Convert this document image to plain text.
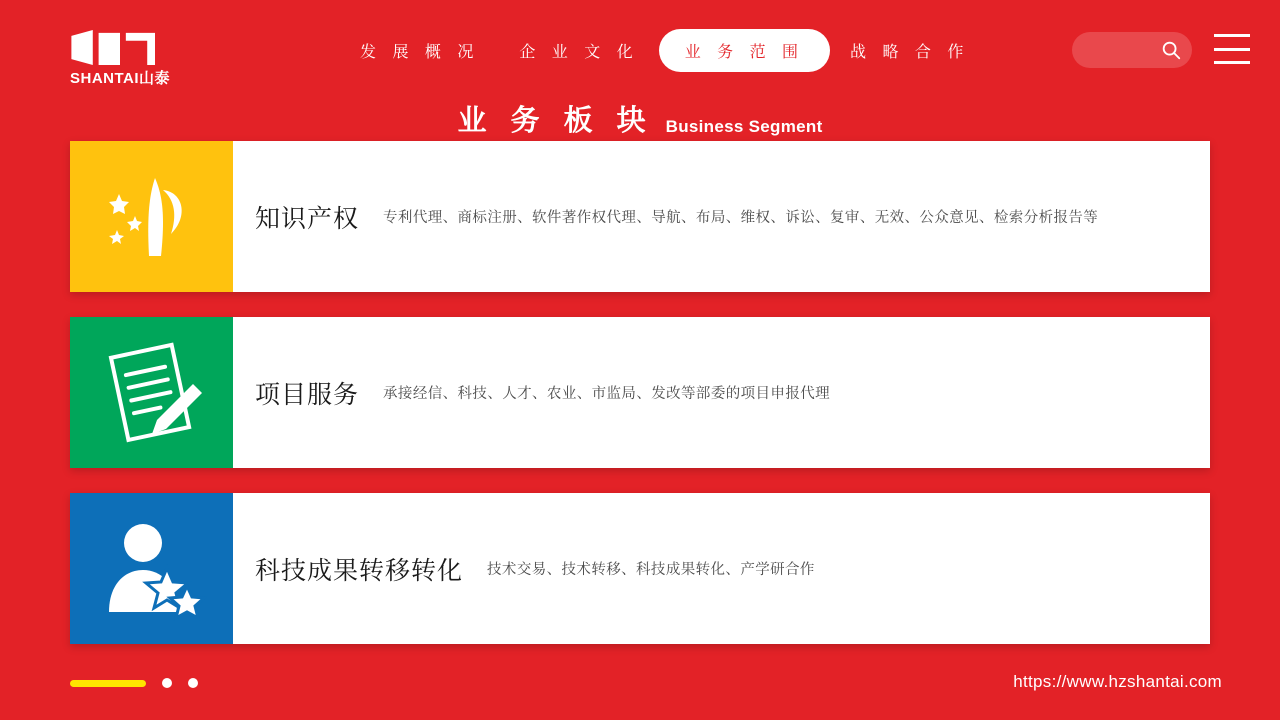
SHANTAI山泰
发 展 概 况	企 业 文 化	业 务 范 围	战 略 合 作
业 务 板 块 Business Segment
知识产权 专利代理、商标注册、软件著作权代理、导航、布局、维权、诉讼、复审、无效、公众意见、检索分析报告等
项目服务 承接经信、科技、人才、农业、市监局、发改等部委的项目申报代理
科技成果转移转化 技术交易、技术转移、科技成果转化、产学研合作
https://www.hzshantai.com
